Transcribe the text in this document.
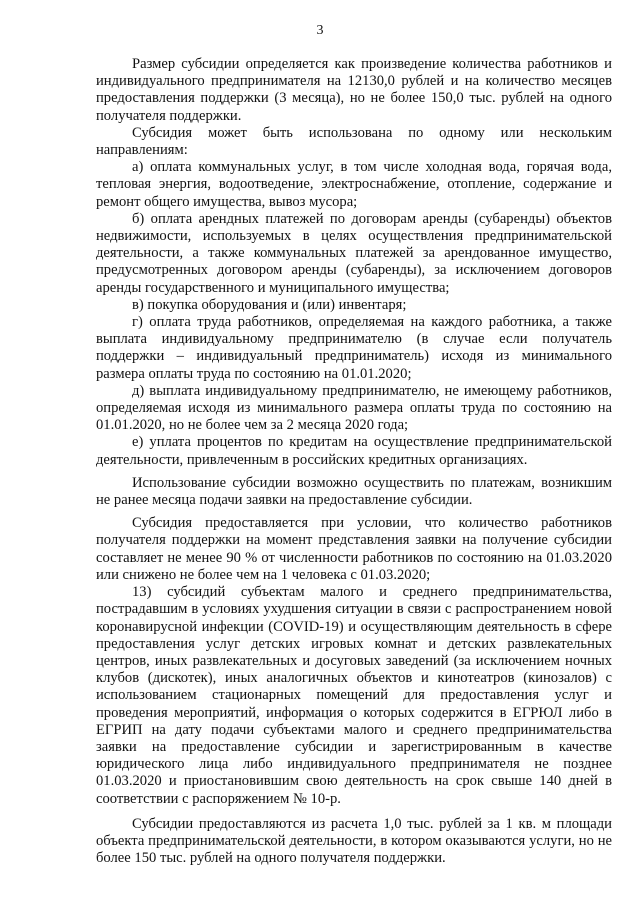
3

Размер субсидии определяется как произведение количества работников и индивидуального предпринимателя на 12130,0 рублей и на количество месяцев предоставления поддержки (3 месяца), но не более 150,0 тыс. рублей на одного получателя поддержки.

Субсидия может быть использована по одному или нескольким направлениям:

а) оплата коммунальных услуг, в том числе холодная вода, горячая вода, тепловая энергия, водоотведение, электроснабжение, отопление, содержание и ремонт общего имущества, вывоз мусора;

б) оплата арендных платежей по договорам аренды (субаренды) объектов недвижимости, используемых в целях осуществления предпринимательской деятельности, а также коммунальных платежей за арендованное имущество, предусмотренных договором аренды (субаренды), за исключением договоров аренды государственного и муниципального имущества;

в) покупка оборудования и (или) инвентаря;

г) оплата труда работников, определяемая на каждого работника, а также выплата индивидуальному предпринимателю (в случае если получатель поддержки – индивидуальный предприниматель) исходя из минимального размера оплаты труда по состоянию на 01.01.2020;

д) выплата индивидуальному предпринимателю, не имеющему работников, определяемая исходя из минимального размера оплаты труда по состоянию на 01.01.2020, но не более чем за 2 месяца 2020 года;

е) уплата процентов по кредитам на осуществление предпринимательской деятельности, привлеченным в российских кредитных организациях.

Использование субсидии возможно осуществить по платежам, возникшим не ранее месяца подачи заявки на предоставление субсидии.

Субсидия предоставляется при условии, что количество работников получателя поддержки на момент представления заявки на получение субсидии составляет не менее 90 % от численности работников по состоянию на 01.03.2020 или снижено не более чем на 1 человека с 01.03.2020;

13) субсидий субъектам малого и среднего предпринимательства, пострадавшим в условиях ухудшения ситуации в связи с распространением новой коронавирусной инфекции (COVID-19) и осуществляющим деятельность в сфере предоставления услуг детских игровых комнат и детских развлекательных центров, иных развлекательных и досуговых заведений (за исключением ночных клубов (дискотек), иных аналогичных объектов и кинотеатров (кинозалов) с использованием стационарных помещений для предоставления услуг и проведения мероприятий, информация о которых содержится в ЕГРЮЛ либо в ЕГРИП на дату подачи субъектами малого и среднего предпринимательства заявки на предоставление субсидии и зарегистрированным в качестве юридического лица либо индивидуального предпринимателя не позднее 01.03.2020 и приостановившим свою деятельность на срок свыше 140 дней в соответствии с распоряжением № 10-р.

Субсидии предоставляются из расчета 1,0 тыс. рублей за 1 кв. м площади объекта предпринимательской деятельности, в котором оказываются услуги, но не более 150 тыс. рублей на одного получателя поддержки.
